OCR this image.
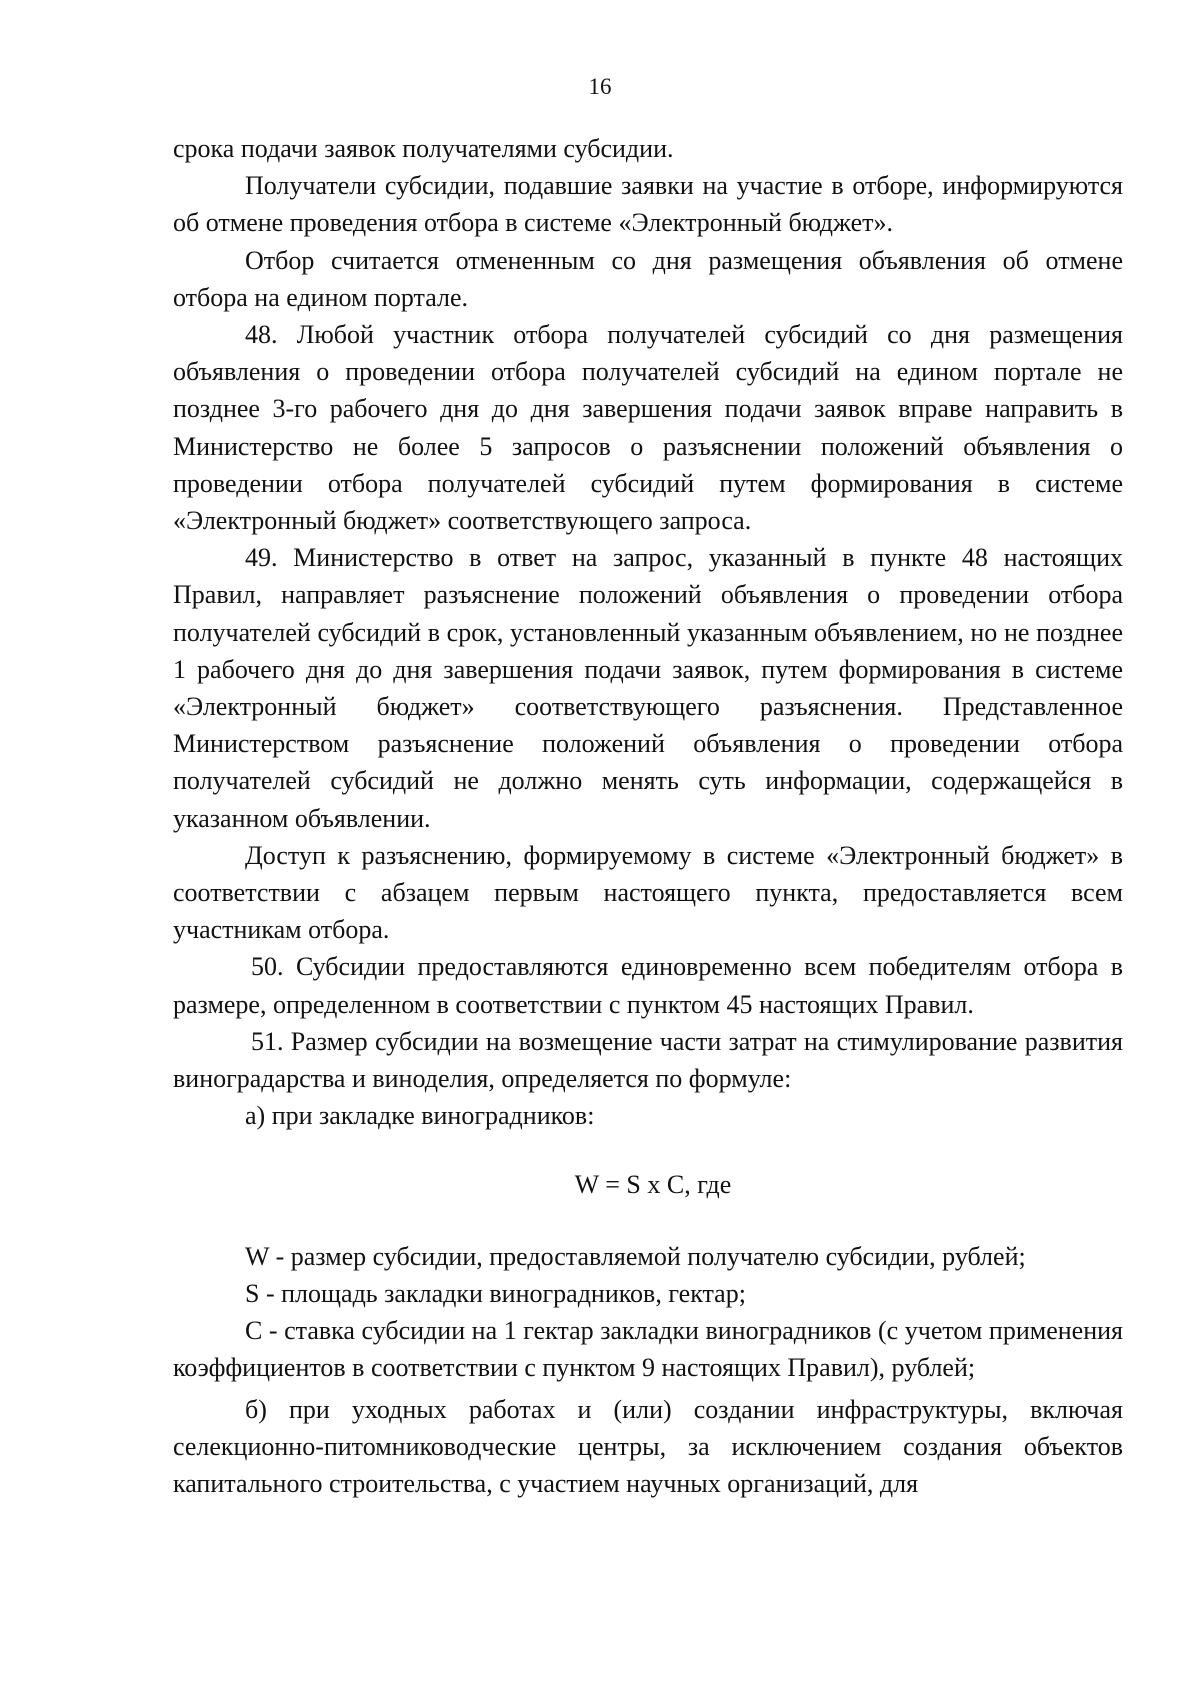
16

срока подачи заявок получателями субсидии.

Получатели субсидии, подавшие заявки на участие в отборе, информируются об отмене проведения отбора в системе «Электронный бюджет».

Отбор считается отмененным со дня размещения объявления об отмене отбора на едином портале.

48. Любой участник отбора получателей субсидий со дня размещения объявления о проведении отбора получателей субсидий на едином портале не позднее 3-го рабочего дня до дня завершения подачи заявок вправе направить в Министерство не более 5 запросов о разъяснении положений объявления о проведении отбора получателей субсидий путем формирования в системе «Электронный бюджет» соответствующего запроса.

49. Министерство в ответ на запрос, указанный в пункте 48 настоящих Правил, направляет разъяснение положений объявления о проведении отбора получателей субсидий в срок, установленный указанным объявлением, но не позднее 1 рабочего дня до дня завершения подачи заявок, путем формирования в системе «Электронный бюджет» соответствующего разъяснения. Представленное Министерством разъяснение положений объявления о проведении отбора получателей субсидий не должно менять суть информации, содержащейся в указанном объявлении.

Доступ к разъяснению, формируемому в системе «Электронный бюджет» в соответствии с абзацем первым настоящего пункта, предоставляется всем участникам отбора.

50. Субсидии предоставляются единовременно всем победителям отбора в размере, определенном в соответствии с пунктом 45 настоящих Правил.

51. Размер субсидии на возмещение части затрат на стимулирование развития виноградарства и виноделия, определяется по формуле:

а) при закладке виноградников:

W = S x C, где

W - размер субсидии, предоставляемой получателю субсидии, рублей;

S - площадь закладки виноградников, гектар;

C - ставка субсидии на 1 гектар закладки виноградников (с учетом применения коэффициентов в соответствии с пунктом 9 настоящих Правил), рублей;

б) при уходных работах и (или) создании инфраструктуры, включая селекционно-питомниководческие центры, за исключением создания объектов капитального строительства, с участием научных организаций, для
